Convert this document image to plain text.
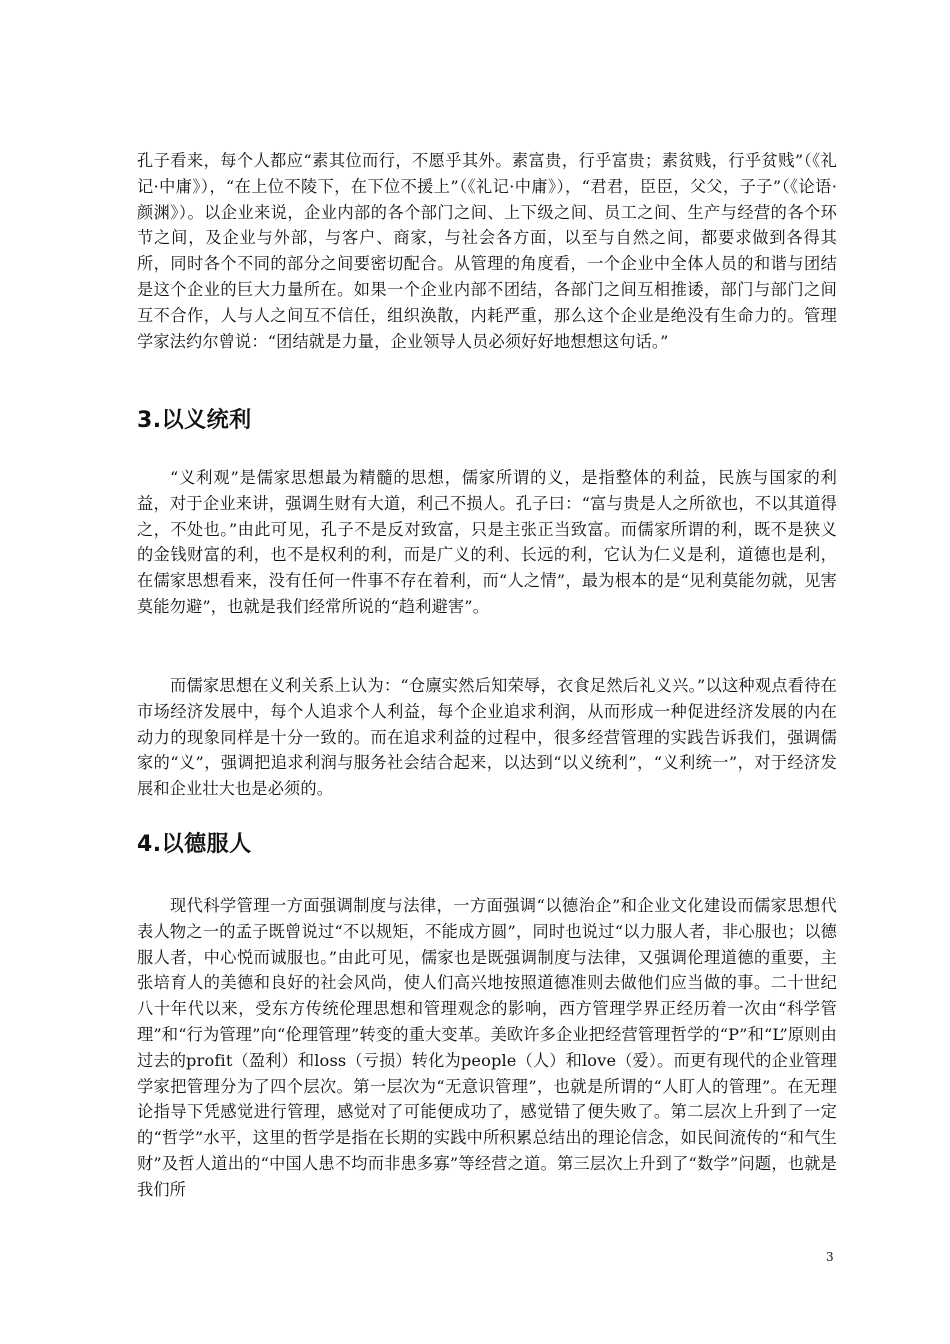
孔子看来，每个人都应“素其位而行，不愿乎其外。素富贵，行乎富贵；素贫贱，行乎贫贱”（《礼记·中庸》），“在上位不陵下，在下位不援上”（《礼记·中庸》），“君君，臣臣，父父，子子”（《论语·颜渊》）。以企业来说，企业内部的各个部门之间、上下级之间、员工之间、生产与经营的各个环节之间，及企业与外部，与客户、商家，与社会各方面，以至与自然之间，都要求做到各得其所，同时各个不同的部分之间要密切配合。从管理的角度看，一个企业中全体人员的和谐与团结是这个企业的巨大力量所在。如果一个企业内部不团结，各部门之间互相推诿，部门与部门之间互不合作，人与人之间互不信任，组织涣散，内耗严重，那么这个企业是绝没有生命力的。管理学家法约尔曾说：“团结就是力量，企业领导人员必须好好地想想这句话。”
3.以义统利
“义利观”是儒家思想最为精髓的思想，儒家所谓的义，是指整体的利益，民族与国家的利益，对于企业来讲，强调生财有大道，利己不损人。孔子曰：“富与贵是人之所欲也，不以其道得之，不处也。”由此可见，孔子不是反对致富，只是主张正当致富。而儒家所谓的利，既不是狭义的金钱财富的利，也不是权利的利，而是广义的利、长远的利，它认为仁义是利，道德也是利，在儒家思想看来，没有任何一件事不存在着利，而“人之情”，最为根本的是“见利莫能勿就，见害莫能勿避”，也就是我们经常所说的“趋利避害”。
而儒家思想在义利关系上认为：“仓廪实然后知荣辱，衣食足然后礼义兴。”以这种观点看待在市场经济发展中，每个人追求个人利益，每个企业追求利润，从而形成一种促进经济发展的内在动力的现象同样是十分一致的。而在追求利益的过程中，很多经营管理的实践告诉我们，强调儒家的“义”，强调把追求利润与服务社会结合起来，以达到“以义统利”，“义利统一”，对于经济发展和企业壮大也是必须的。
4.以德服人
现代科学管理一方面强调制度与法律，一方面强调“以德治企”和企业文化建设而儒家思想代表人物之一的孟子既曾说过“不以规矩，不能成方圆”，同时也说过“以力服人者，非心服也；以德服人者，中心悦而诚服也。”由此可见，儒家也是既强调制度与法律，又强调伦理道德的重要，主张培育人的美德和良好的社会风尚，使人们高兴地按照道德准则去做他们应当做的事。二十世纪八十年代以来，受东方传统伦理思想和管理观念的影响，西方管理学界正经历着一次由“科学管理”和“行为管理”向“伦理管理”转变的重大变革。美欧许多企业把经营管理哲学的“P”和“L”原则由过去的profit（盈利）和loss（亏损）转化为people（人）和love（爱）。而更有现代的企业管理学家把管理分为了四个层次。第一层次为“无意识管理”，也就是所谓的“人盯人的管理”。在无理论指导下凭感觉进行管理，感觉对了可能便成功了，感觉错了便失败了。第二层次上升到了一定的“哲学”水平，这里的哲学是指在长期的实践中所积累总结出的理论信念，如民间流传的“和气生财”及哲人道出的“中国人患不均而非患多寡”等经营之道。第三层次上升到了“数学”问题，也就是我们所
3
